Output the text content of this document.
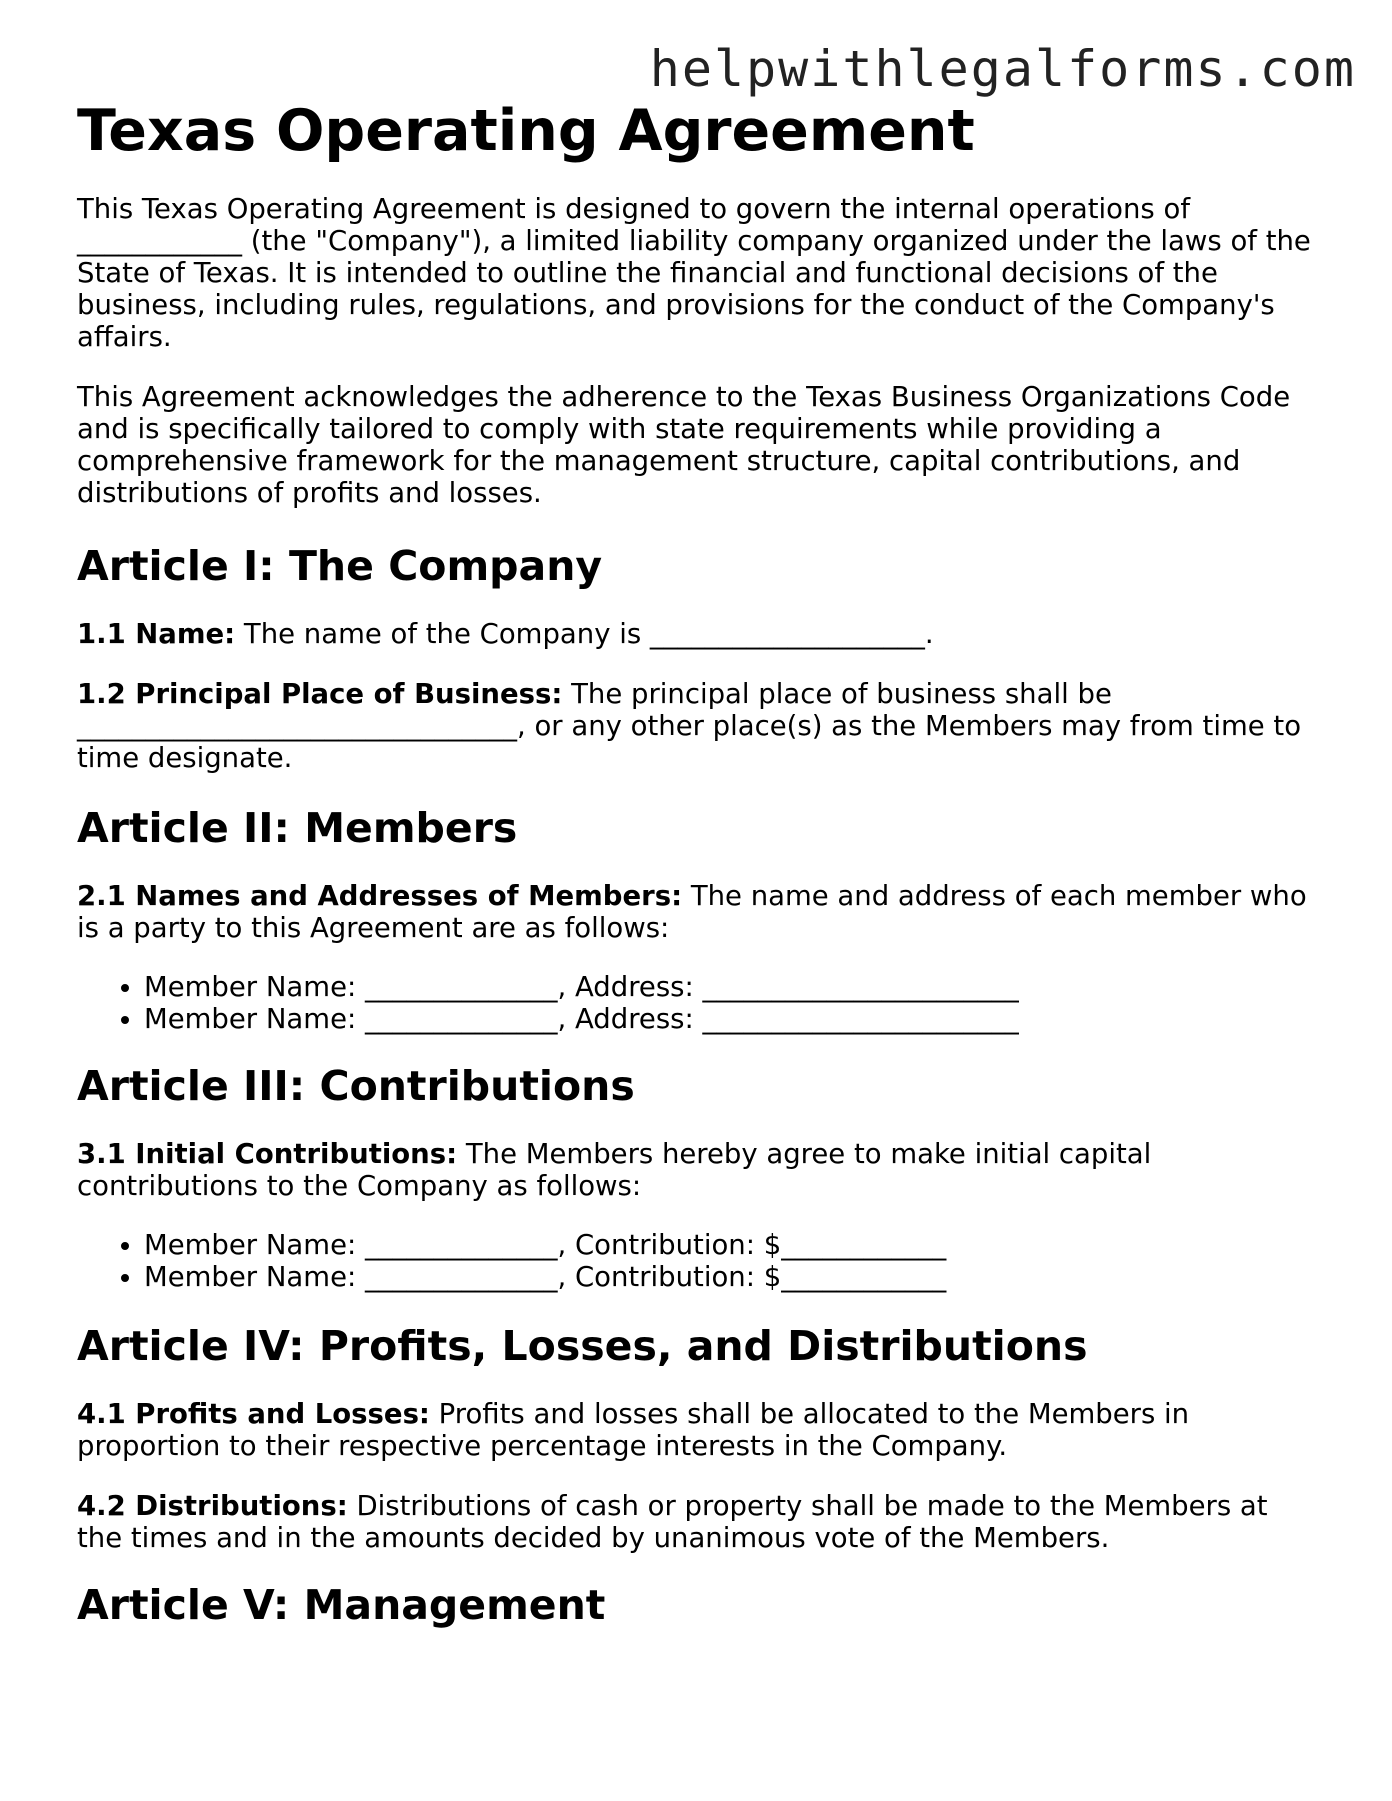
helpwithlegalforms.com
Texas Operating Agreement

This Texas Operating Agreement is designed to govern the internal operations of ____________ (the "Company"), a limited liability company organized under the laws of the State of Texas. It is intended to outline the financial and functional decisions of the business, including rules, regulations, and provisions for the conduct of the Company's affairs.

This Agreement acknowledges the adherence to the Texas Business Organizations Code and is specifically tailored to comply with state requirements while providing a comprehensive framework for the management structure, capital contributions, and distributions of profits and losses.

Article I: The Company

1.1 Name: The name of the Company is ____________________.

1.2 Principal Place of Business: The principal place of business shall be ________________________________, or any other place(s) as the Members may from time to time designate.

Article II: Members

2.1 Names and Addresses of Members: The name and address of each member who is a party to this Agreement are as follows:

• Member Name: ______________, Address: _______________________
• Member Name: ______________, Address: _______________________
Article III: Contributions

3.1 Initial Contributions: The Members hereby agree to make initial capital contributions to the Company as follows:

• Member Name: ______________, Contribution: $____________
• Member Name: ______________, Contribution: $____________
Article IV: Profits, Losses, and Distributions

4.1 Profits and Losses: Profits and losses shall be allocated to the Members in proportion to their respective percentage interests in the Company.

4.2 Distributions: Distributions of cash or property shall be made to the Members at the times and in the amounts decided by unanimous vote of the Members.

Article V: Management
